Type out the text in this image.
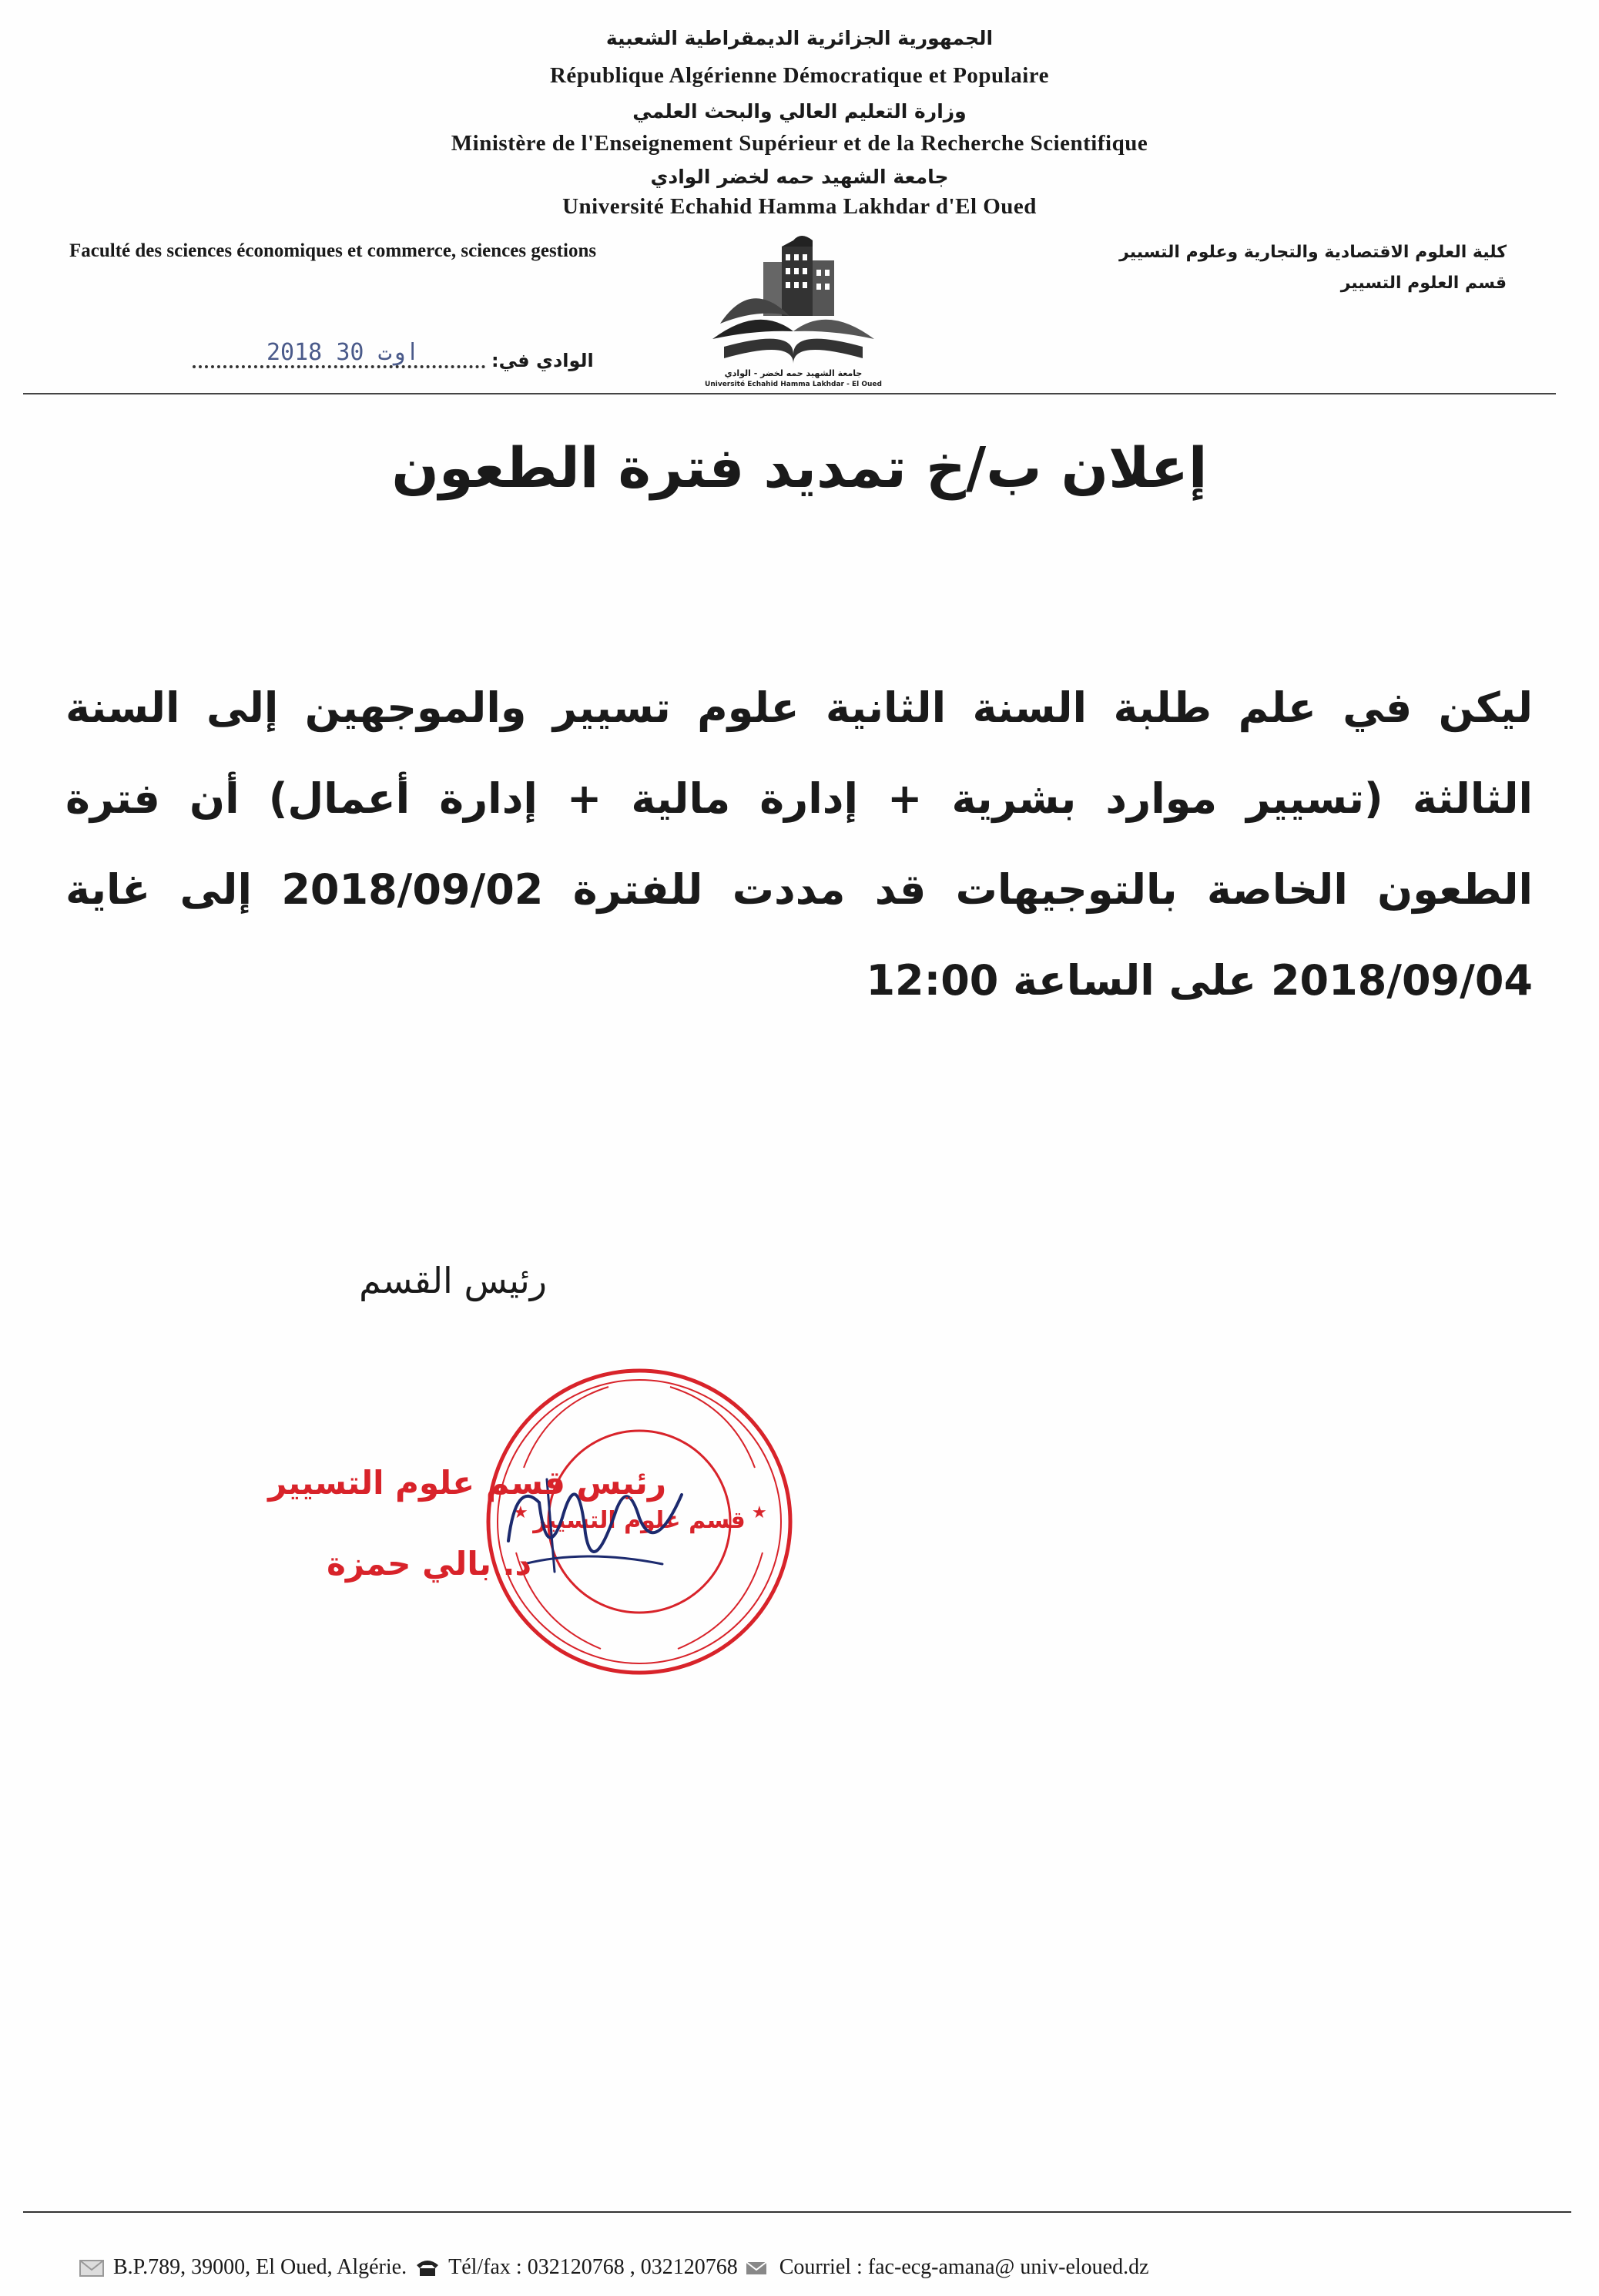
الجمهورية الجزائرية الديمقراطية الشعبية
République Algérienne Démocratique et Populaire
وزارة التعليم العالي والبحث العلمي
Ministère de l'Enseignement Supérieur et de la Recherche Scientifique
جامعة الشهيد حمه لخضر الوادي
Université Echahid Hamma Lakhdar d'El Oued
Faculté des sciences économiques et commerce, sciences gestions	كلية العلوم الاقتصادية والتجارية وعلوم التسيير
قسم العلوم التسيير
2018 اوت 30	الوادي في:
جامعة الشهيد حمه لخضر - الوادي
Université Echahid Hamma Lakhdar - El Oued
إعلان ب/خ تمديد فترة الطعون
ليكن في علم طلبة السنة الثانية علوم تسيير والموجهين إلى السنة الثالثة (تسيير موارد بشرية + إدارة مالية + إدارة أعمال) أن فترة الطعون الخاصة بالتوجيهات قد مددت للفترة 2018/09/02 إلى غاية 2018/09/04 على الساعة 12:00
رئيس القسم
★	★
قسم علوم التسيير
رئيس قسم علوم التسيير
د. بالي حمزة
B.P.789, 39000, El Oued, Algérie. Tél/fax : 032120768 , 032120768 Courriel : fac-ecg-amana@ univ-eloued.dz
